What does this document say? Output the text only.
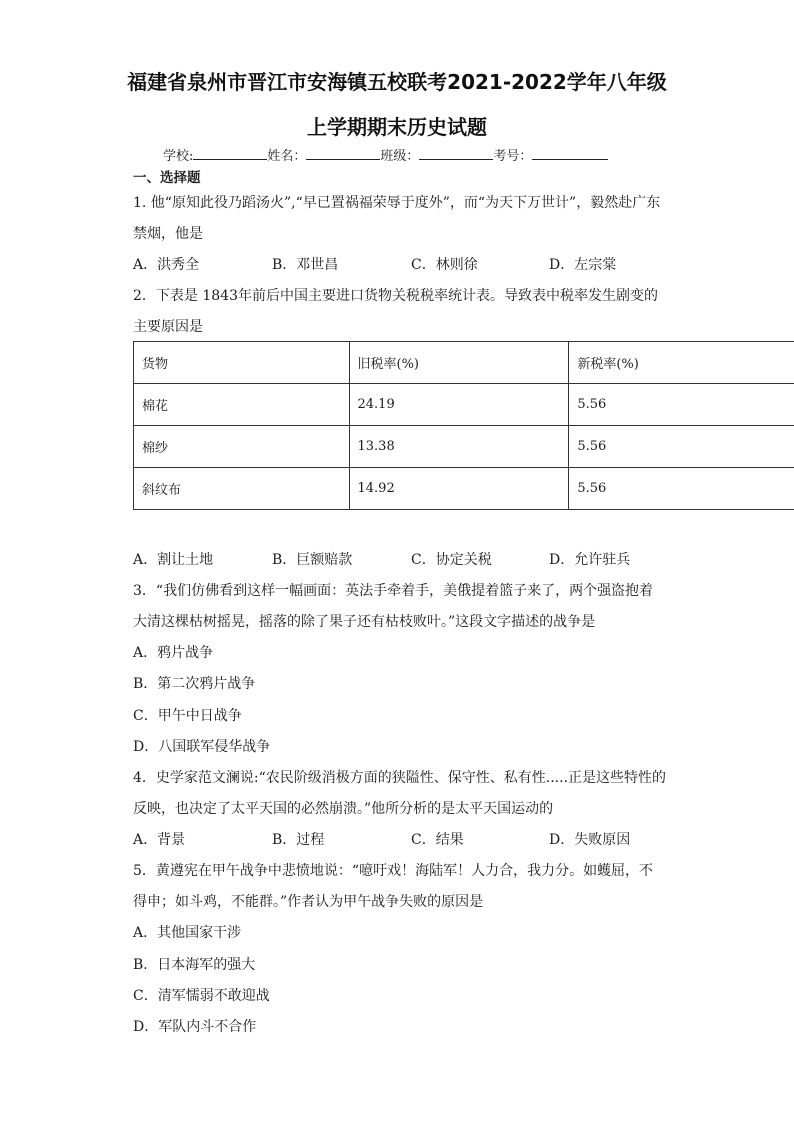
福建省泉州市晋江市安海镇五校联考2021-2022学年八年级
上学期期末历史试题
学校:	姓名：	班级：	考号：
一、选择题
1. 他“原知此役乃蹈汤火”,“早已置祸福荣辱于度外”，而“为天下万世计”，毅然赴广东
禁烟，他是
A．洪秀全	B．邓世昌	C．林则徐	D．左宗棠
2．下表是 1843年前后中国主要进口货物关税税率统计表。导致表中税率发生剧变的
主要原因是
货物	旧税率(%)	新税率(%)
棉花	24.19	5.56
棉纱	13.38	5.56
斜纹布	14.92	5.56
A．割让土地	B．巨额赔款	C．协定关税	D．允许驻兵
3．“我们仿佛看到这样一幅画面：英法手牵着手，美俄提着篮子来了，两个强盗抱着
大清这棵枯树摇晃，摇落的除了果子还有枯枝败叶。”这段文字描述的战争是
A．鸦片战争
B．第二次鸦片战争
C．甲午中日战争
D．八国联军侵华战争
4．史学家范文澜说:“农民阶级消极方面的狭隘性、保守性、私有性.....正是这些特性的
反映，也决定了太平天国的必然崩溃。”他所分析的是太平天国运动的
A．背景	B．过程	C．结果	D．失败原因
5．黄遵宪在甲午战争中悲愤地说：“噫吁戏！海陆军！人力合，我力分。如蠖屈，不
得申；如斗鸡，不能群。”作者认为甲午战争失败的原因是
A．其他国家干涉
B．日本海军的强大
C．清军懦弱不敢迎战
D．军队内斗不合作
